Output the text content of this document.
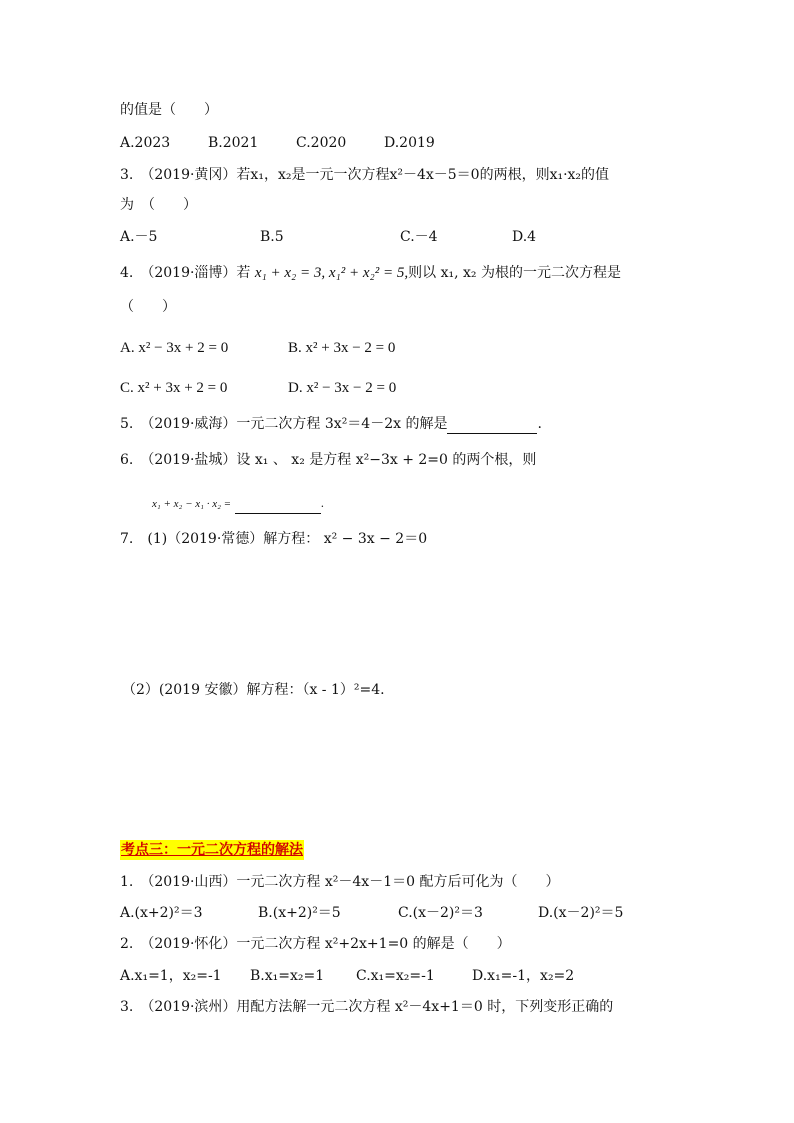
的值是（　　）
A.2023	B.2021	C.2020	D.2019
3.　（2019·黄冈）若x₁，x₂是一元一次方程x²－4x－5＝0的两根，则x₁·x₂的值
为　（　　）
A.－5	B.5	C.－4	D.4
4.　（2019·淄博）若 x₁ + x₂ = 3, x₁² + x₂² = 5,则以 x₁, x₂ 为根的一元二次方程是
（　　）
A. x² − 3x + 2 = 0	B. x² + 3x − 2 = 0
C. x² + 3x + 2 = 0	D. x² − 3x − 2 = 0
5.　（2019·威海）一元二次方程 3x²＝4－2x 的解是	.
6.　（2019·盐城）设 x₁ 、 x₂ 是方程 x²−3x + 2=0 的两个根，则
x₁ + x₂ − x₁ · x₂ =	.
7.　(1)（2019·常德）解方程： x² − 3x − 2＝0
（2）(2019 安徽）解方程：（x - 1）²=4.
考点三：一元二次方程的解法
1.　（2019·山西）一元二次方程 x²－4x－1＝0 配方后可化为（　　）
A.(x+2)²＝3	B.(x+2)²＝5	C.(x－2)²＝3	D.(x－2)²＝5
2.　（2019·怀化）一元二次方程 x²+2x+1=0 的解是（　　）
A.x₁=1，x₂=-1 B.x₁=x₂=1 C.x₁=x₂=-1	D.x₁=-1，x₂=2
3.　（2019·滨州）用配方法解一元二次方程 x²－4x+1＝0 时，下列变形正确的
